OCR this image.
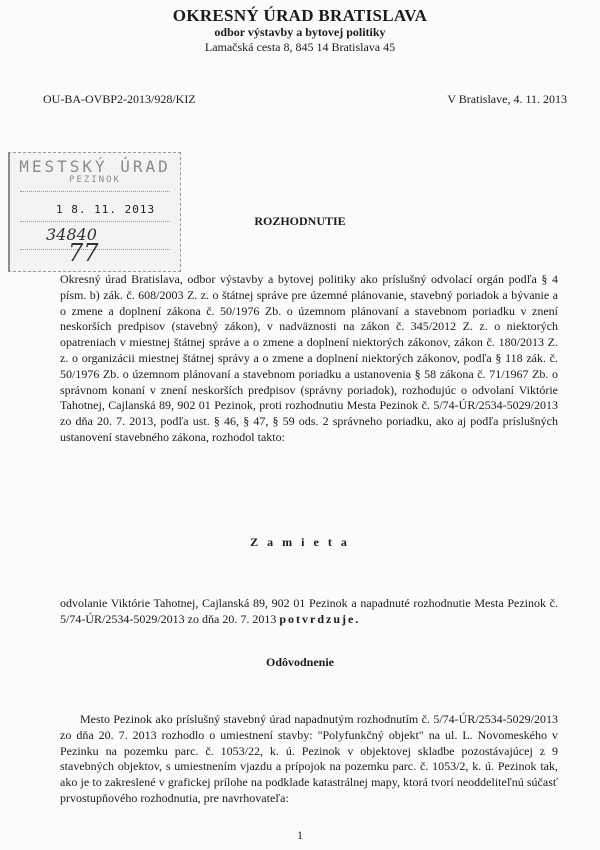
OKRESNÝ ÚRAD BRATISLAVA
odbor výstavby a bytovej politiky
Lamačská cesta 8, 845 14 Bratislava 45
OU-BA-OVBP2-2013/928/KIZ	V Bratislave, 4. 11. 2013
MESTSKÝ ÚRAD
PEZINOK
1 8. 11. 2013
34840
77
ROZHODNUTIE
Okresný úrad Bratislava, odbor výstavby a bytovej politiky ako príslušný odvolací orgán podľa § 4 písm. b) zák. č. 608/2003 Z. z. o štátnej správe pre územné plánovanie, stavebný poriadok a bývanie a o zmene a doplnení zákona č. 50/1976 Zb. o územnom plánovaní a stavebnom poriadku v znení neskorších predpisov (stavebný zákon), v nadväznosti na zákon č. 345/2012 Z. z. o niektorých opatreniach v miestnej štátnej správe a o zmene a doplnení niektorých zákonov, zákon č. 180/2013 Z. z. o organizácii miestnej štátnej správy a o zmene a doplnení niektorých zákonov, podľa § 118 zák. č. 50/1976 Zb. o územnom plánovaní a stavebnom poriadku a ustanovenia § 58 zákona č. 71/1967 Zb. o správnom konaní v znení neskorších predpisov (správny poriadok), rozhodujúc o odvolaní Viktórie Tahotnej, Cajlanská 89, 902 01 Pezinok, proti rozhodnutiu Mesta Pezinok č. 5/74-ÚR/2534-5029/2013 zo dňa 20. 7. 2013, podľa ust. § 46, § 47, § 59 ods. 2 správneho poriadku, ako aj podľa príslušných ustanovení stavebného zákona, rozhodol takto:
Z a m i e t a
odvolanie Viktórie Tahotnej, Cajlanská 89, 902 01 Pezinok a napadnuté rozhodnutie Mesta Pezinok č. 5/74-ÚR/2534-5029/2013 zo dňa 20. 7. 2013 potvrdzuje.
Odôvodnenie
Mesto Pezinok ako príslušný stavebný úrad napadnutým rozhodnutím č. 5/74-ÚR/2534-5029/2013 zo dňa 20. 7. 2013 rozhodlo o umiestnení stavby: "Polyfunkčný objekt" na ul. L. Novomeského v Pezinku na pozemku parc. č. 1053/22, k. ú. Pezinok v objektovej skladbe pozostávajúcej z 9 stavebných objektov, s umiestnením vjazdu a prípojok na pozemku parc. č. 1053/2, k. ú. Pezinok tak, ako je to zakreslené v grafickej prílohe na podklade katastrálnej mapy, ktorá tvorí neoddeliteľnú súčasť prvostupňového rozhodnutia, pre navrhovateľa:
1
